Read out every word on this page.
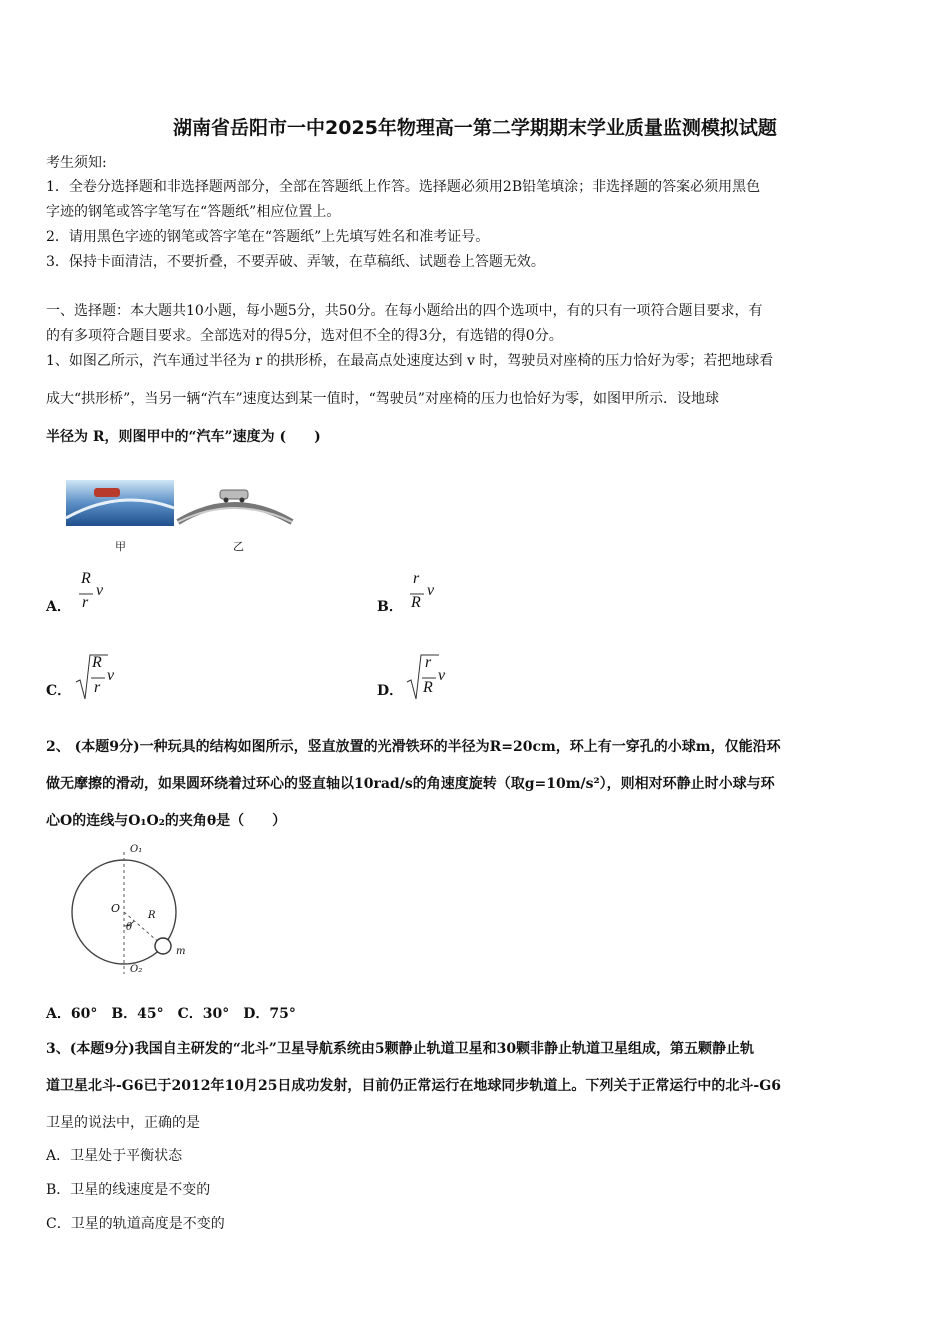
湖南省岳阳市一中2025年物理高一第二学期期末学业质量监测模拟试题
考生须知:
1．全卷分选择题和非选择题两部分，全部在答题纸上作答。选择题必须用2B铅笔填涂；非选择题的答案必须用黑色
字迹的钢笔或答字笔写在“答题纸”相应位置上。
2．请用黑色字迹的钢笔或答字笔在“答题纸”上先填写姓名和准考证号。
3．保持卡面清洁，不要折叠，不要弄破、弄皱，在草稿纸、试题卷上答题无效。
一、选择题：本大题共10小题，每小题5分，共50分。在每小题给出的四个选项中，有的只有一项符合题目要求，有
的有多项符合题目要求。全部选对的得5分，选对但不全的得3分，有选错的得0分。
1、如图乙所示，汽车通过半径为 r 的拱形桥，在最高点处速度达到 v 时，驾驶员对座椅的压力恰好为零；若把地球看
成大“拱形桥”，当另一辆“汽车”速度达到某一值时，“驾驶员”对座椅的压力也恰好为零，如图甲所示．设地球
半径为 R，则图甲中的“汽车”速度为 (　　)
甲	乙
A．
R
r
v
B．
r
R
v
C．
R
r
v
D．
r
R
v
2、 (本题9分)一种玩具的结构如图所示，竖直放置的光滑铁环的半径为R=20cm，环上有一穿孔的小球m，仅能沿环
做无摩擦的滑动，如果圆环绕着过环心的竖直轴以10rad/s的角速度旋转（取g=10m/s²），则相对环静止时小球与环
心O的连线与O₁O₂的夹角θ是（　　）
O₁
O
R
θ
O₂
m
A．60°　B．45°　C．30°　D．75°
3、(本题9分)我国自主研发的“北斗”卫星导航系统由5颗静止轨道卫星和30颗非静止轨道卫星组成，第五颗静止轨
道卫星北斗-G6已于2012年10月25日成功发射，目前仍正常运行在地球同步轨道上。下列关于正常运行中的北斗-G6
卫星的说法中，正确的是
A．卫星处于平衡状态
B．卫星的线速度是不变的
C．卫星的轨道高度是不变的
